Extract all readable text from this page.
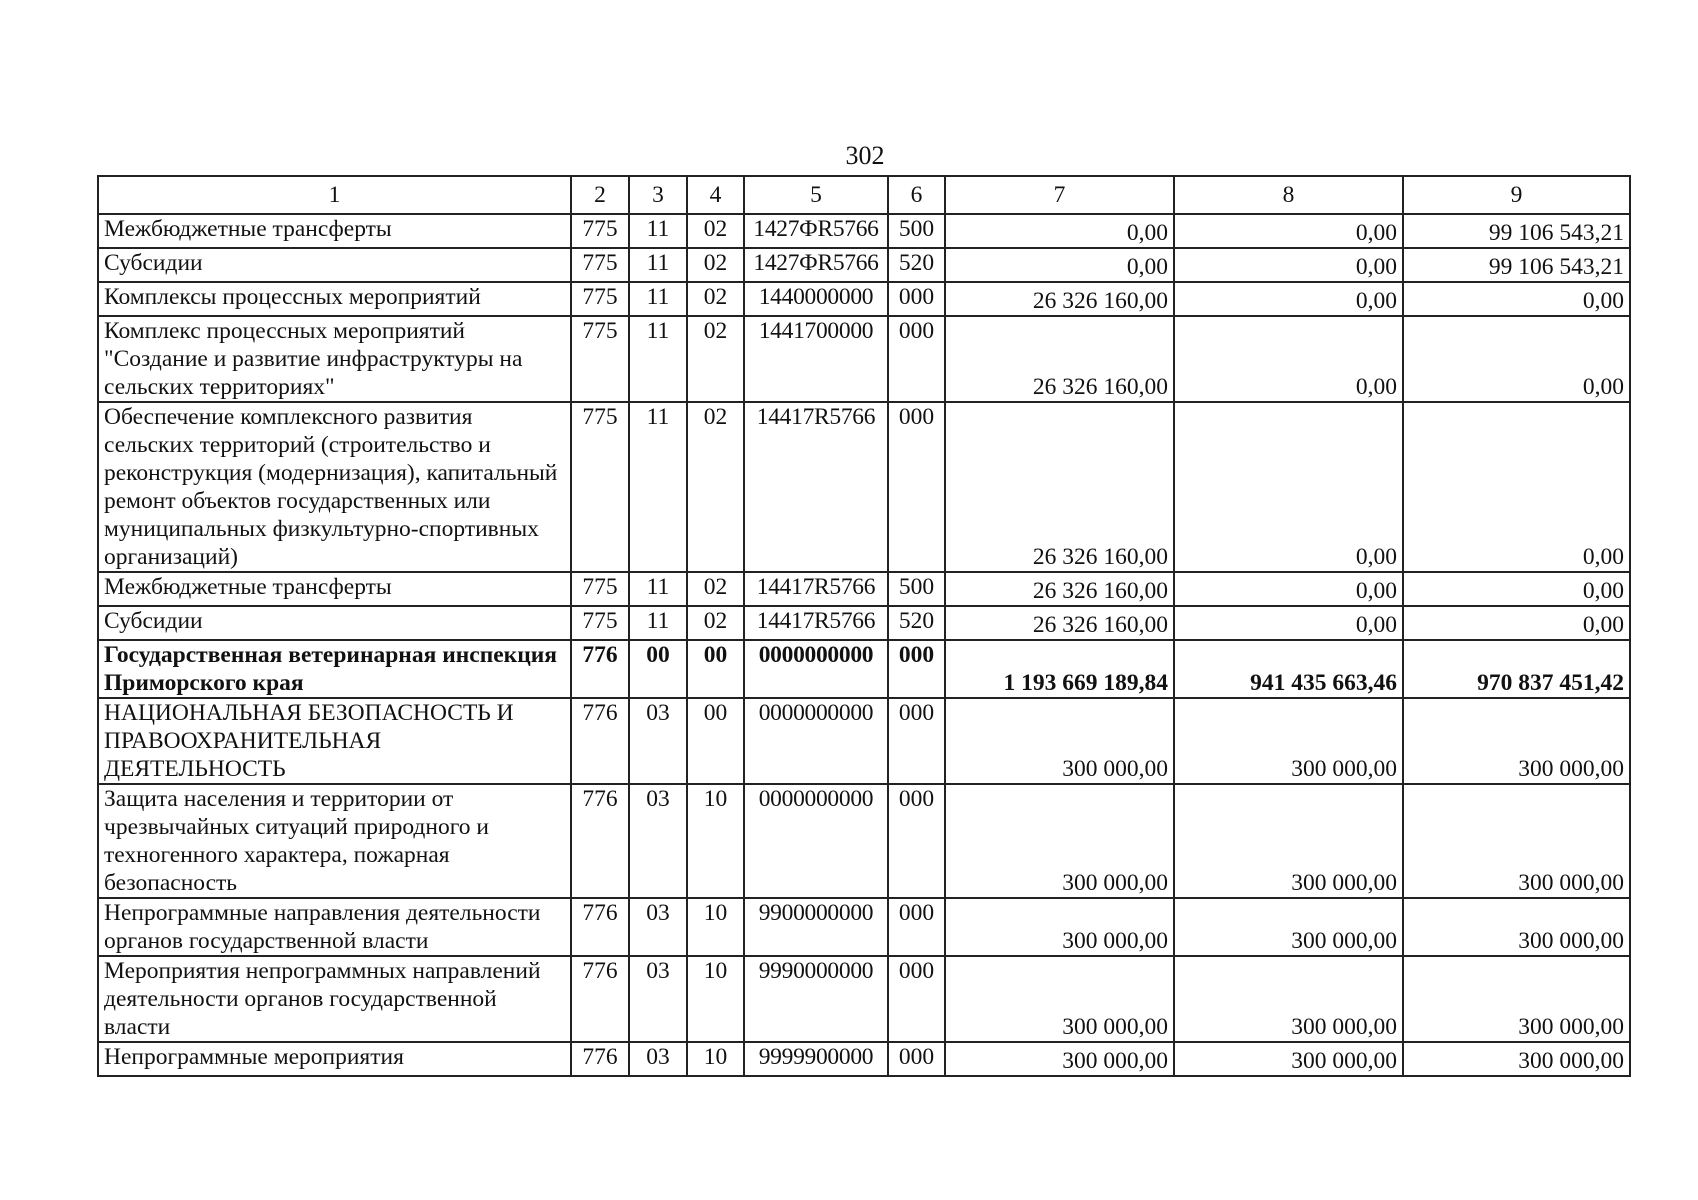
302
1	2	3	4	5	6	7	8	9
Межбюджетные трансферты	775	11	02	1427ФR5766	500	0,00	0,00	99 106 543,21
Субсидии	775	11	02	1427ФR5766	520	0,00	0,00	99 106 543,21
Комплексы процессных мероприятий	775	11	02	1440000000	000	26 326 160,00	0,00	0,00
Комплекс процессных мероприятий "Создание и развитие инфраструктуры на сельских территориях"	775	11	02	1441700000	000	26 326 160,00	0,00	0,00
Обеспечение комплексного развития сельских территорий (строительство и реконструкция (модернизация), капитальный ремонт объектов государственных или муниципальных физкультурно-спортивных организаций)	775	11	02	14417R5766	000	26 326 160,00	0,00	0,00
Межбюджетные трансферты	775	11	02	14417R5766	500	26 326 160,00	0,00	0,00
Субсидии	775	11	02	14417R5766	520	26 326 160,00	0,00	0,00
Государственная ветеринарная инспекция Приморского края	776	00	00	0000000000	000	1 193 669 189,84	941 435 663,46	970 837 451,42
НАЦИОНАЛЬНАЯ БЕЗОПАСНОСТЬ И ПРАВООХРАНИТЕЛЬНАЯ ДЕЯТЕЛЬНОСТЬ	776	03	00	0000000000	000	300 000,00	300 000,00	300 000,00
Защита населения и территории от чрезвычайных ситуаций природного и техногенного характера, пожарная безопасность	776	03	10	0000000000	000	300 000,00	300 000,00	300 000,00
Непрограммные направления деятельности органов государственной власти	776	03	10	9900000000	000	300 000,00	300 000,00	300 000,00
Мероприятия непрограммных направлений деятельности органов государственной власти	776	03	10	9990000000	000	300 000,00	300 000,00	300 000,00
Непрограммные мероприятия	776	03	10	9999900000	000	300 000,00	300 000,00	300 000,00
